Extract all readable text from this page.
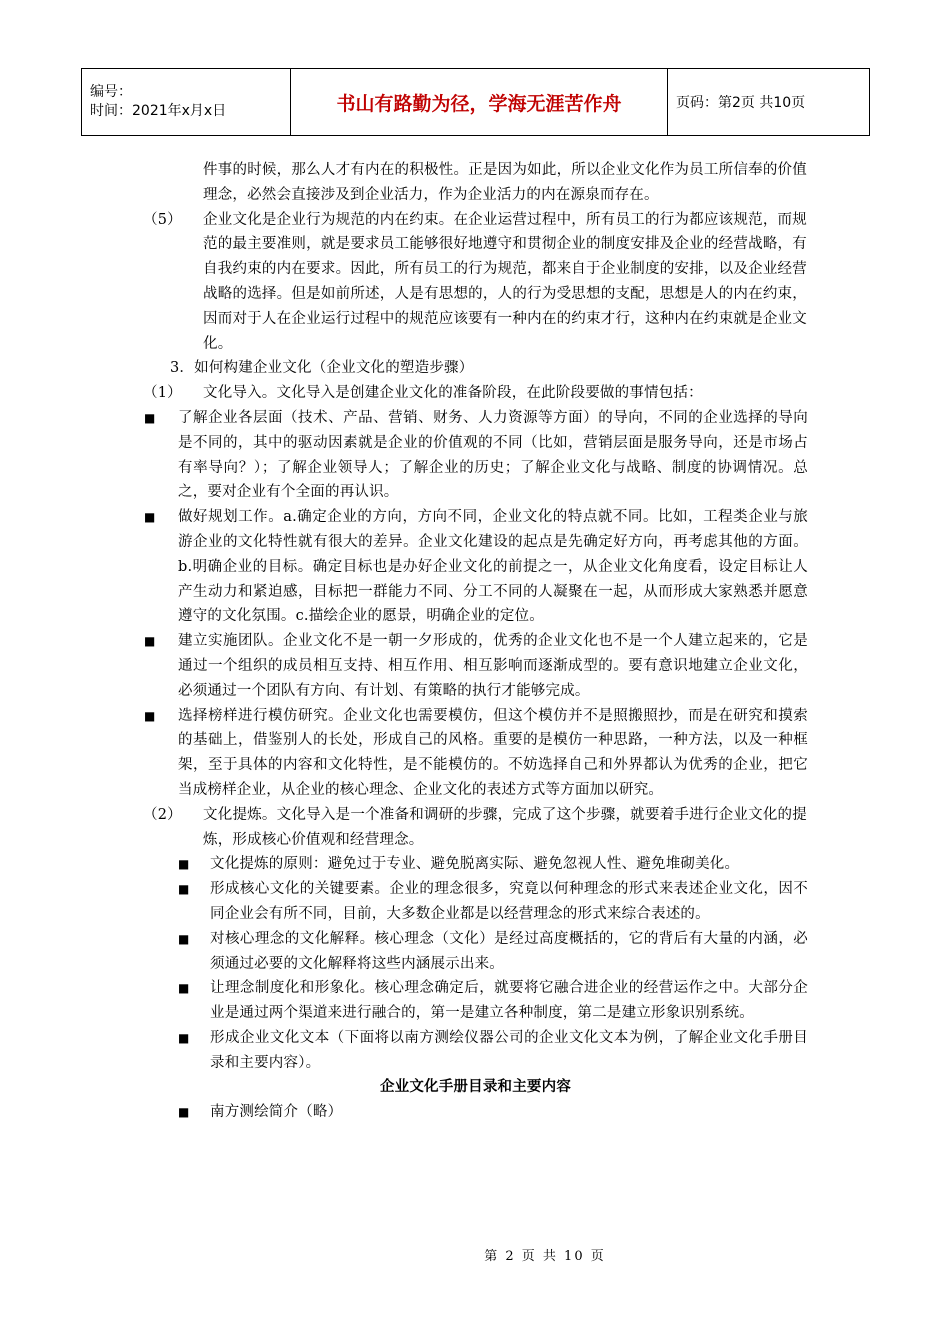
编号：
时间：2021年x月x日	书山有路勤为径，学海无涯苦作舟	页码：第2页 共10页

件事的时候，那么人才有内在的积极性。正是因为如此，所以企业文化作为员工所信奉的价值理念，必然会直接涉及到企业活力，作为企业活力的内在源泉而存在。

（5） 企业文化是企业行为规范的内在约束。在企业运营过程中，所有员工的行为都应该规范，而规范的最主要准则，就是要求员工能够很好地遵守和贯彻企业的制度安排及企业的经营战略，有自我约束的内在要求。因此，所有员工的行为规范，都来自于企业制度的安排，以及企业经营战略的选择。但是如前所述，人是有思想的，人的行为受思想的支配，思想是人的内在约束，因而对于人在企业运行过程中的规范应该要有一种内在的约束才行，这种内在约束就是企业文化。

3．如何构建企业文化（企业文化的塑造步骤）

（1） 文化导入。文化导入是创建企业文化的准备阶段，在此阶段要做的事情包括：

■ 了解企业各层面（技术、产品、营销、财务、人力资源等方面）的导向，不同的企业选择的导向是不同的，其中的驱动因素就是企业的价值观的不同（比如，营销层面是服务导向，还是市场占有率导向？）；了解企业领导人；了解企业的历史；了解企业文化与战略、制度的协调情况。总之，要对企业有个全面的再认识。

■ 做好规划工作。a.确定企业的方向，方向不同，企业文化的特点就不同。比如，工程类企业与旅游企业的文化特性就有很大的差异。企业文化建设的起点是先确定好方向，再考虑其他的方面。b.明确企业的目标。确定目标也是办好企业文化的前提之一，从企业文化角度看，设定目标让人产生动力和紧迫感，目标把一群能力不同、分工不同的人凝聚在一起，从而形成大家熟悉并愿意遵守的文化氛围。c.描绘企业的愿景，明确企业的定位。

■ 建立实施团队。企业文化不是一朝一夕形成的，优秀的企业文化也不是一个人建立起来的，它是通过一个组织的成员相互支持、相互作用、相互影响而逐渐成型的。要有意识地建立企业文化，必须通过一个团队有方向、有计划、有策略的执行才能够完成。

■ 选择榜样进行模仿研究。企业文化也需要模仿，但这个模仿并不是照搬照抄，而是在研究和摸索的基础上，借鉴别人的长处，形成自己的风格。重要的是模仿一种思路，一种方法，以及一种框架，至于具体的内容和文化特性，是不能模仿的。不妨选择自己和外界都认为优秀的企业，把它当成榜样企业，从企业的核心理念、企业文化的表述方式等方面加以研究。

（2） 文化提炼。文化导入是一个准备和调研的步骤，完成了这个步骤，就要着手进行企业文化的提炼，形成核心价值观和经营理念。

■ 文化提炼的原则：避免过于专业、避免脱离实际、避免忽视人性、避免堆砌美化。

■ 形成核心文化的关键要素。企业的理念很多，究竟以何种理念的形式来表述企业文化，因不同企业会有所不同，目前，大多数企业都是以经营理念的形式来综合表述的。

■ 对核心理念的文化解释。核心理念（文化）是经过高度概括的，它的背后有大量的内涵，必须通过必要的文化解释将这些内涵展示出来。

■ 让理念制度化和形象化。核心理念确定后，就要将它融合进企业的经营运作之中。大部分企业是通过两个渠道来进行融合的，第一是建立各种制度，第二是建立形象识别系统。

■ 形成企业文化文本（下面将以南方测绘仪器公司的企业文化文本为例，了解企业文化手册目录和主要内容）。

企业文化手册目录和主要内容

■ 南方测绘简介（略）

第 2 页 共 10 页
